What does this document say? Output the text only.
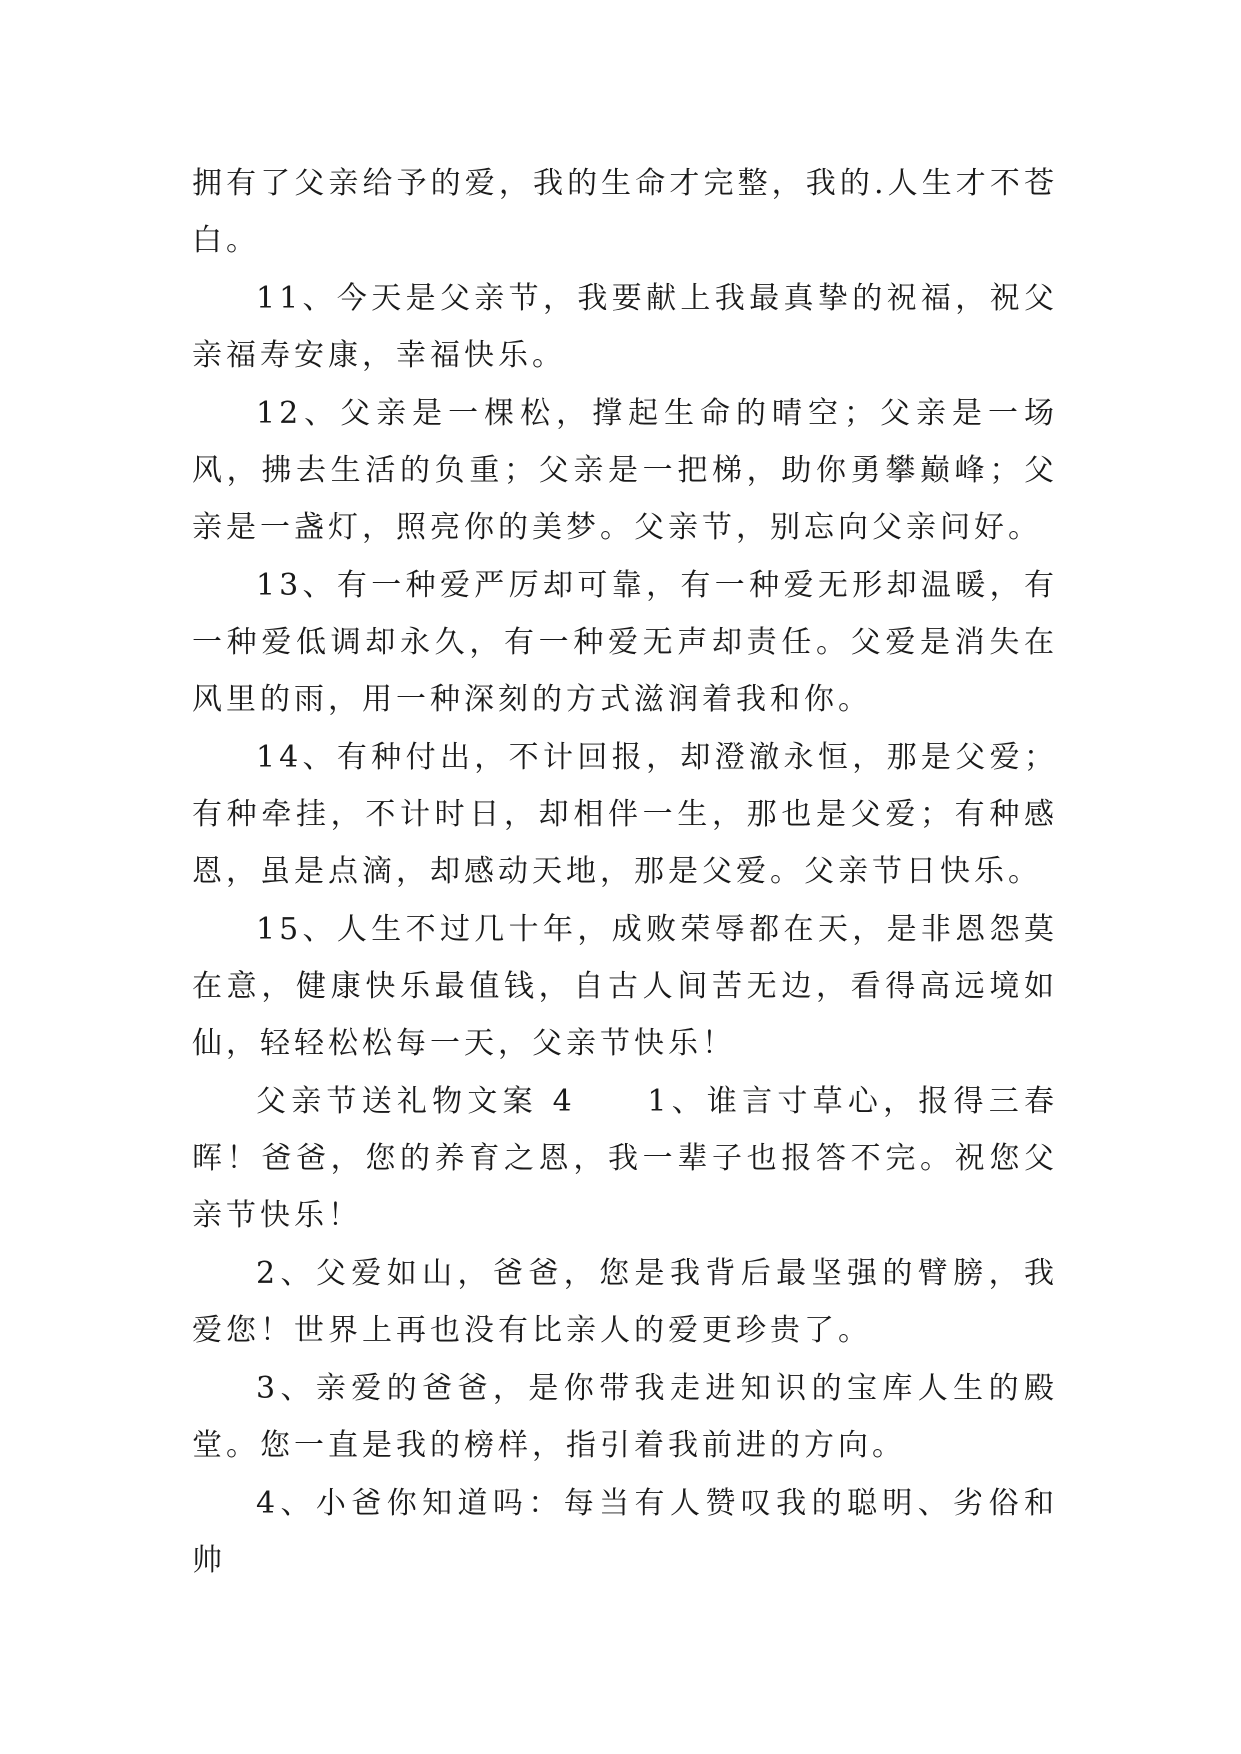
拥有了父亲给予的爱，我的生命才完整，我的.人生才不苍白。

11、今天是父亲节，我要献上我最真挚的祝福，祝父亲福寿安康，幸福快乐。

12、父亲是一棵松，撑起生命的晴空；父亲是一场风，拂去生活的负重；父亲是一把梯，助你勇攀巅峰；父亲是一盏灯，照亮你的美梦。父亲节，别忘向父亲问好。

13、有一种爱严厉却可靠，有一种爱无形却温暖，有一种爱低调却永久，有一种爱无声却责任。父爱是消失在风里的雨，用一种深刻的方式滋润着我和你。

14、有种付出，不计回报，却澄澈永恒，那是父爱；有种牵挂，不计时日，却相伴一生，那也是父爱；有种感恩，虽是点滴，却感动天地，那是父爱。父亲节日快乐。

15、人生不过几十年，成败荣辱都在天，是非恩怨莫在意，健康快乐最值钱，自古人间苦无边，看得高远境如仙，轻轻松松每一天，父亲节快乐！

父亲节送礼物文案 4　　1、谁言寸草心，报得三春晖！爸爸，您的养育之恩，我一辈子也报答不完。祝您父亲节快乐！

2、父爱如山，爸爸，您是我背后最坚强的臂膀，我爱您！世界上再也没有比亲人的爱更珍贵了。

3、亲爱的爸爸，是你带我走进知识的宝库人生的殿堂。您一直是我的榜样，指引着我前进的方向。

4、小爸你知道吗：每当有人赞叹我的聪明、劣俗和帅
